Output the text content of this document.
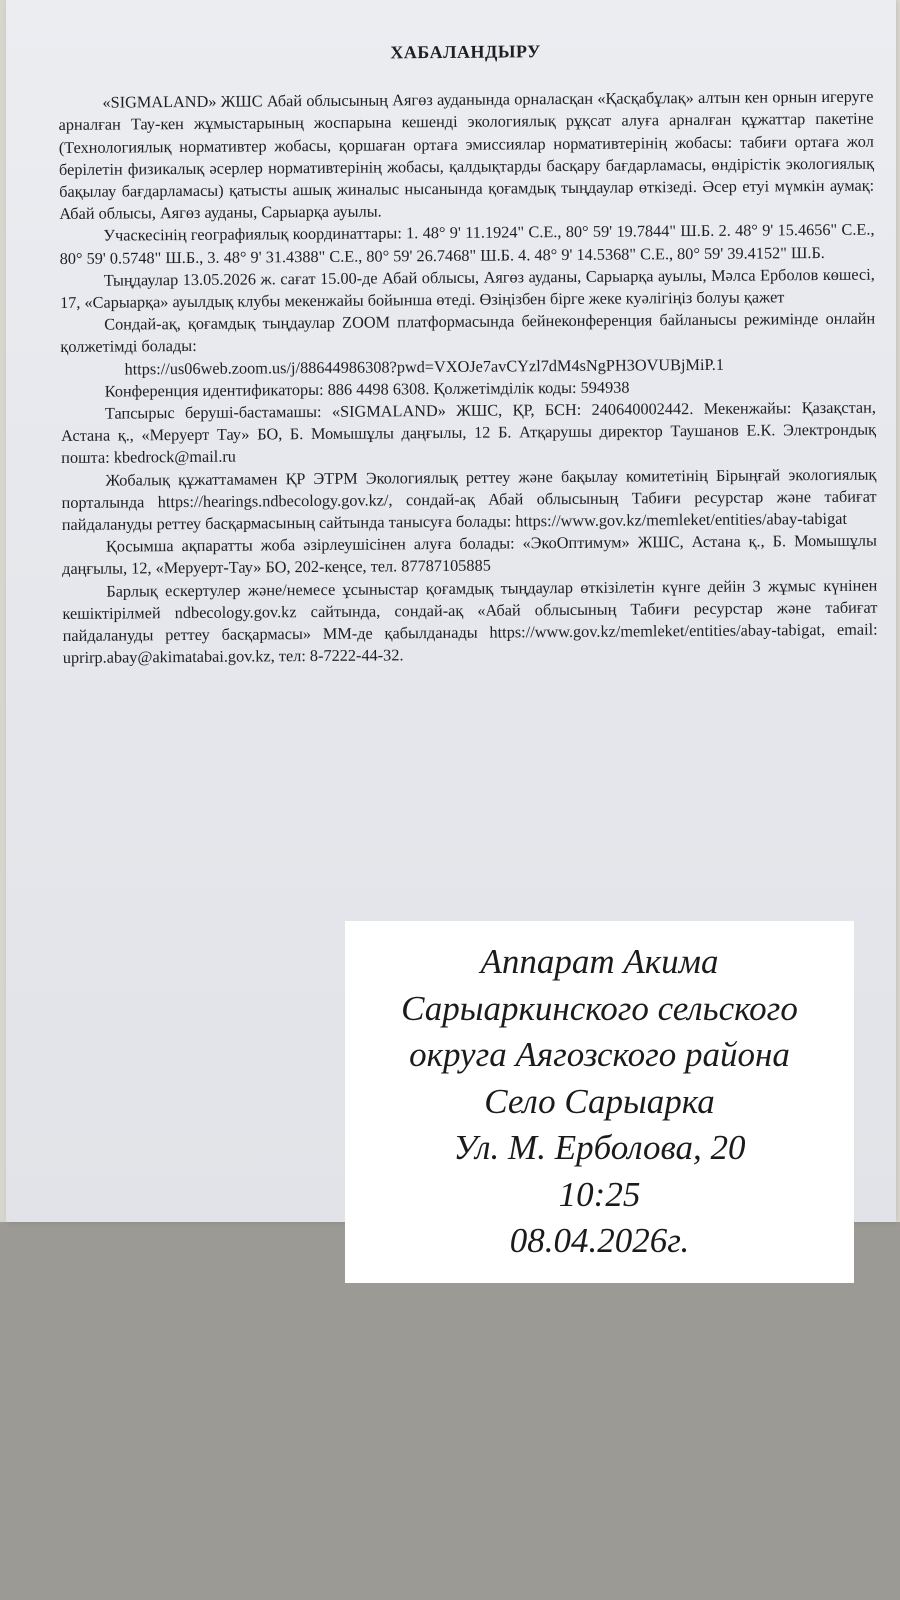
ХАБАЛАНДЫРУ

«SIGMALAND» ЖШС Абай облысының Аягөз ауданында орналасқан «Қасқабұлақ» алтын кен орнын игеруге арналған Тау-кен жұмыстарының жоспарына кешенді экологиялық рұқсат алуға арналған құжаттар пакетіне (Технологиялық нормативтер жобасы, қоршаған ортаға эмиссиялар нормативтерінің жобасы: табиғи ортаға жол берілетін физикалық әсерлер нормативтерінің жобасы, қалдықтарды басқару бағдарламасы, өндірістік экологиялық бақылау бағдарламасы) қатысты ашық жиналыс нысанында қоғамдық тыңдаулар өткізеді. Әсер етуі мүмкін аумақ: Абай облысы, Аягөз ауданы, Сарыарқа ауылы.

Учаскесінің географиялық координаттары: 1. 48° 9' 11.1924" С.Е., 80° 59' 19.7844" Ш.Б. 2. 48° 9' 15.4656" С.Е., 80° 59' 0.5748" Ш.Б., 3. 48° 9' 31.4388" С.Е., 80° 59' 26.7468" Ш.Б. 4. 48° 9' 14.5368" С.Е., 80° 59' 39.4152" Ш.Б.

Тыңдаулар 13.05.2026 ж. сағат 15.00-де Абай облысы, Аягөз ауданы, Сарыарқа ауылы, Мәлса Ерболов көшесі, 17, «Сарыарқа» ауылдық клубы мекенжайы бойынша өтеді. Өзіңізбен бірге жеке куәлігіңіз болуы қажет

Сондай-ақ, қоғамдық тыңдаулар ZOOM платформасында бейнеконференция байланысы режимінде онлайн қолжетімді болады:

https://us06web.zoom.us/j/88644986308?pwd=VXOJe7avCYzl7dM4sNgPH3OVUBjMiP.1

Конференция идентификаторы: 886 4498 6308. Қолжетімділік коды: 594938

Тапсырыс беруші-бастамашы: «SIGMALAND» ЖШС, ҚР, БСН: 240640002442. Мекенжайы: Қазақстан, Астана қ., «Меруерт Тау» БО, Б. Момышұлы даңғылы, 12 Б. Атқарушы директор Таушанов Е.К. Электрондық пошта: kbedrock@mail.ru

Жобалық құжаттамамен ҚР ЭТРМ Экологиялық реттеу және бақылау комитетінің Бірыңғай экологиялық порталында https://hearings.ndbecology.gov.kz/, сондай-ақ Абай облысының Табиғи ресурстар және табиғат пайдалануды реттеу басқармасының сайтында танысуға болады: https://www.gov.kz/memleket/entities/abay-tabigat

Қосымша ақпаратты жоба әзірлеушісінен алуға болады: «ЭкоОптимум» ЖШС, Астана қ., Б. Момышұлы даңғылы, 12, «Меруерт-Тау» БО, 202-кеңсе, тел. 87787105885

Барлық ескертулер және/немесе ұсыныстар қоғамдық тыңдаулар өткізілетін күнге дейін 3 жұмыс күнінен кешіктірілмей ndbecology.gov.kz сайтында, сондай-ақ «Абай облысының Табиғи ресурстар және табиғат пайдалануды реттеу басқармасы» ММ-де қабылданады https://www.gov.kz/memleket/entities/abay-tabigat, email: uprirp.abay@akimatabai.gov.kz, тел: 8-7222-44-32.

Аппарат Акима
Сарыаркинского сельского
округа Аягозского района
Село Сарыарка
Ул. М. Ерболова, 20
10:25
08.04.2026г.
